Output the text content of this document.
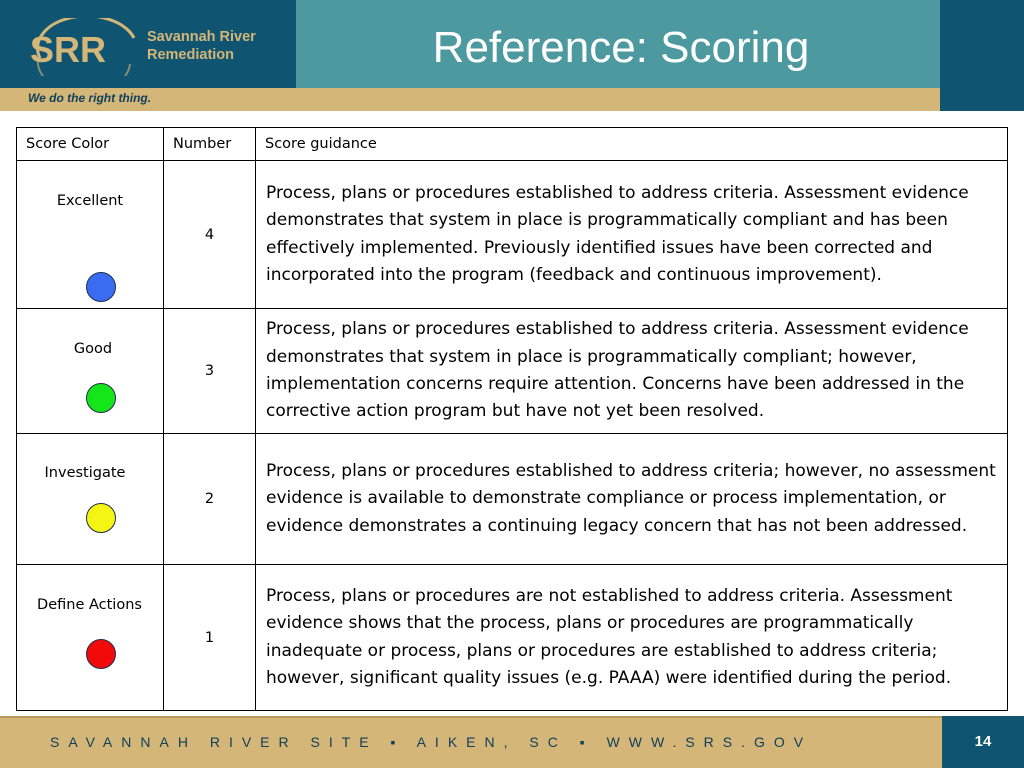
SRR	Savannah River
Remediation
We do the right thing.
Reference: Scoring
Score Color	Number	Score guidance

Excellent	4	Process, plans or procedures established to address criteria. Assessment evidence demonstrates that system in place is programmatically compliant and has been effectively implemented. Previously identified issues have been corrected and incorporated into the program (feedback and continuous improvement).

Good	3	Process, plans or procedures established to address criteria. Assessment evidence demonstrates that system in place is programmatically compliant; however, implementation concerns require attention. Concerns have been addressed in the corrective action program but have not yet been resolved.

Investigate	2	Process, plans or procedures established to address criteria; however, no assessment evidence is available to demonstrate compliance or process implementation, or evidence demonstrates a continuing legacy concern that has not been addressed.

Define Actions	1	Process, plans or procedures are not established to address criteria. Assessment evidence shows that the process, plans or procedures are programmatically inadequate or process, plans or procedures are established to address criteria; however, significant quality issues (e.g. PAAA) were identified during the period.
SAVANNAH RIVER SITE ▪ AIKEN, SC ▪ WWW.SRS.GOV	14
